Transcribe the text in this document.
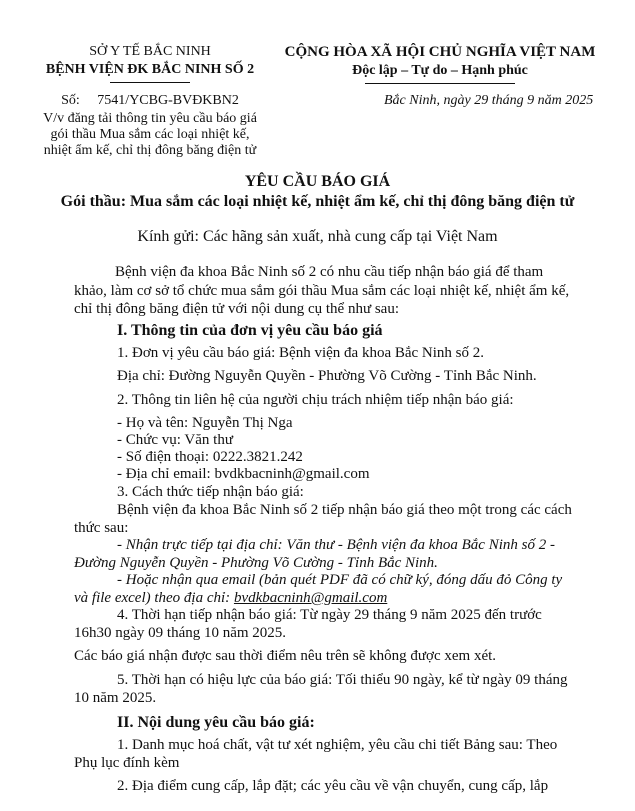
SỞ Y TẾ BẮC NINH
BỆNH VIỆN ĐK BẮC NINH SỐ 2
CỘNG HÒA XÃ HỘI CHỦ NGHĨA VIỆT NAM
Độc lập – Tự do – Hạnh phúc
Số:     7541/YCBG-BVĐKBN2
V/v đăng tải thông tin yêu cầu báo giá
gói thầu Mua sắm các loại nhiệt kế,
nhiệt ẩm kế, chỉ thị đông băng điện tử
Bắc Ninh, ngày 29 tháng 9 năm 2025
YÊU CẦU BÁO GIÁ
Gói thầu: Mua sắm các loại nhiệt kế, nhiệt ẩm kế, chỉ thị đông băng điện tử
Kính gửi: Các hãng sản xuất, nhà cung cấp tại Việt Nam
Bệnh viện đa khoa Bắc Ninh số 2 có nhu cầu tiếp nhận báo giá để tham
khảo, làm cơ sở tổ chức mua sắm gói thầu Mua sắm các loại nhiệt kế, nhiệt ẩm kế,
chỉ thị đông băng điện tử với nội dung cụ thể như sau:
I. Thông tin của đơn vị yêu cầu báo giá
1. Đơn vị yêu cầu báo giá: Bệnh viện đa khoa Bắc Ninh số 2.
Địa chỉ: Đường Nguyễn Quyền - Phường Võ Cường - Tỉnh Bắc Ninh.
2. Thông tin liên hệ của người chịu trách nhiệm tiếp nhận báo giá:
- Họ và tên: Nguyễn Thị Nga
- Chức vụ: Văn thư
- Số điện thoại: 0222.3821.242
- Địa chỉ email: bvdkbacninh@gmail.com
3. Cách thức tiếp nhận báo giá:
Bệnh viện đa khoa Bắc Ninh số 2 tiếp nhận báo giá theo một trong các cách
thức sau:
- Nhận trực tiếp tại địa chỉ: Văn thư - Bệnh viện đa khoa Bắc Ninh số 2 -
Đường Nguyễn Quyền - Phường Võ Cường - Tỉnh Bắc Ninh.
- Hoặc nhận qua email (bản quét PDF đã có chữ ký, đóng dấu đỏ Công ty
và file excel) theo địa chỉ: bvdkbacninh@gmail.com
4. Thời hạn tiếp nhận báo giá: Từ ngày 29 tháng 9 năm 2025 đến trước
16h30 ngày 09 tháng 10 năm 2025.
Các báo giá nhận được sau thời điểm nêu trên sẽ không được xem xét.
5. Thời hạn có hiệu lực của báo giá: Tối thiểu 90 ngày, kể từ ngày 09 tháng
10 năm 2025.
II. Nội dung yêu cầu báo giá:
1. Danh mục hoá chất, vật tư xét nghiệm, yêu cầu chi tiết Bảng sau: Theo
Phụ lục đính kèm
2. Địa điểm cung cấp, lắp đặt; các yêu cầu về vận chuyển, cung cấp, lắp
